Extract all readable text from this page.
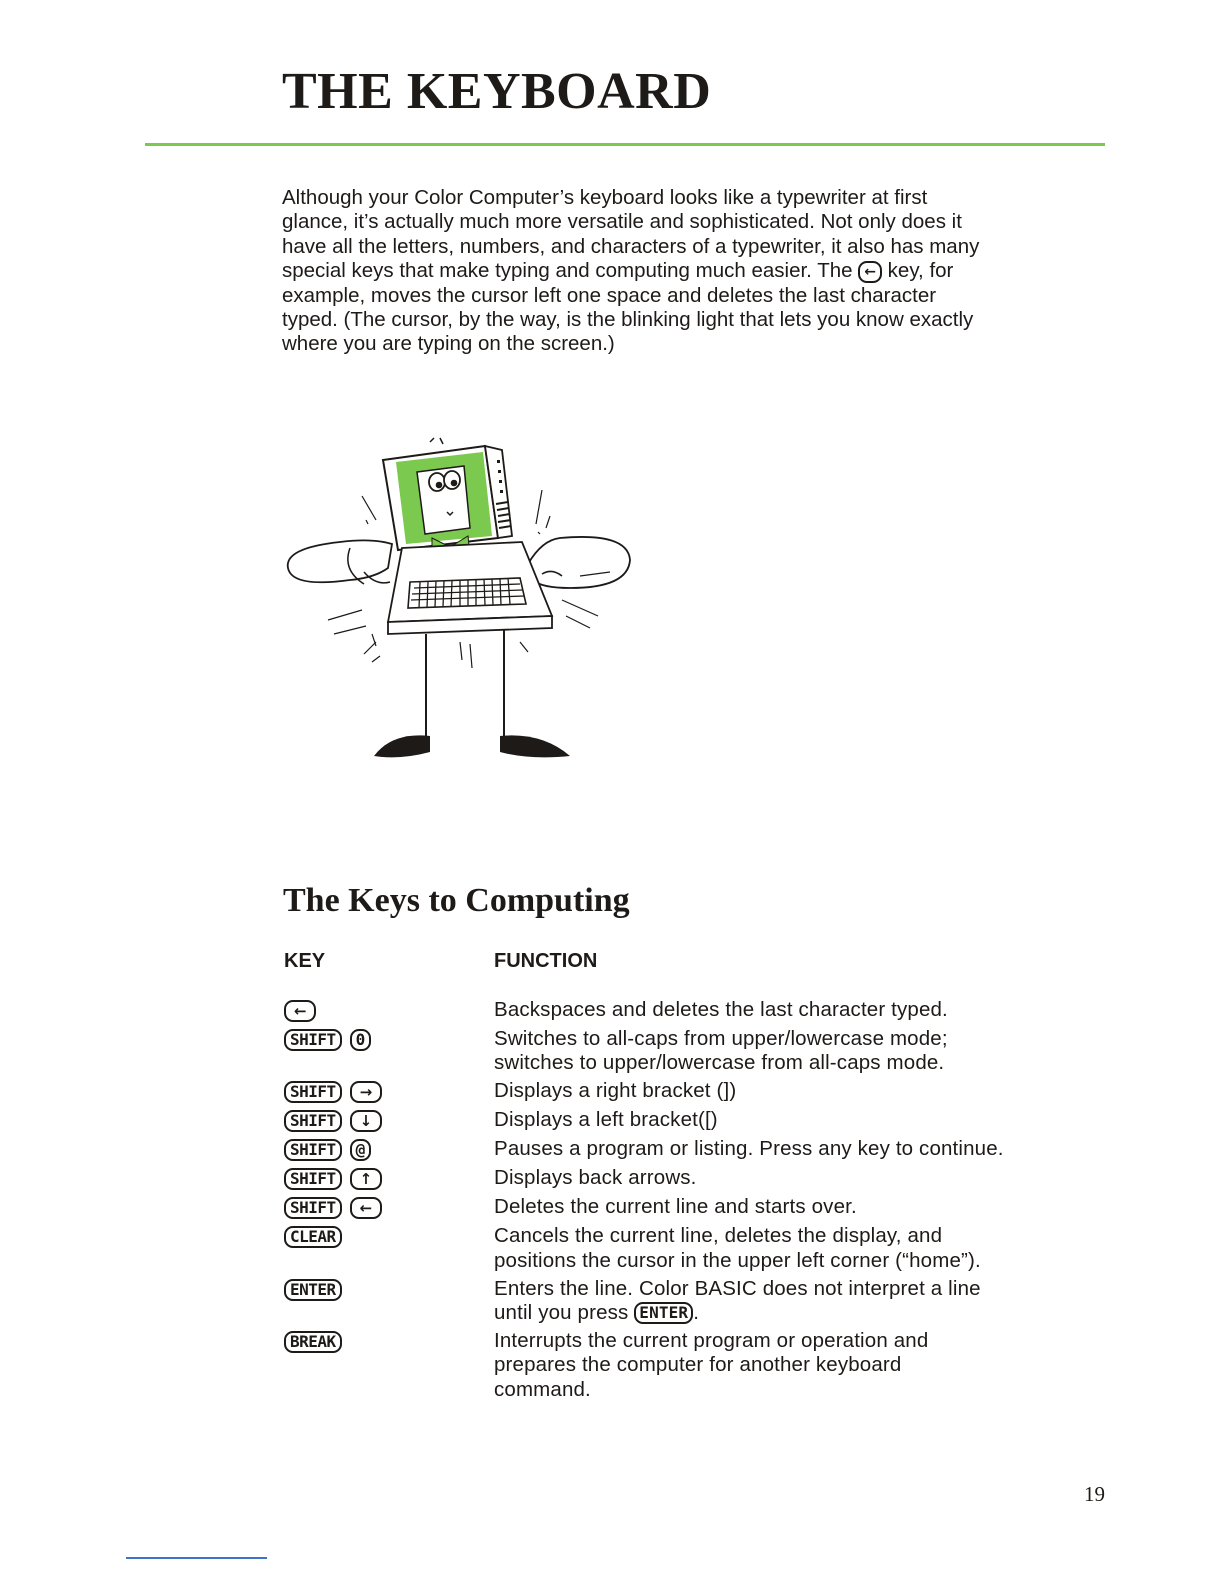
THE KEYBOARD

Although your Color Computer’s keyboard looks like a typewriter at first glance, it’s actually much more versatile and sophisticated. Not only does it have all the letters, numbers, and characters of a typewriter, it also has many special keys that make typing and computing much easier. The ← key, for example, moves the cursor left one space and deletes the last character typed. (The cursor, by the way, is the blinking light that lets you know exactly where you are typing on the screen.)

The Keys to Computing
KEY	FUNCTION
←	Backspaces and deletes the last character typed.
SHIFT	0	Switches to all-caps from upper/lowercase mode; switches to upper/lowercase from all-caps mode.
SHIFT	→	Displays a right bracket (])
SHIFT	↓	Displays a left bracket([)
SHIFT	@	Pauses a program or listing. Press any key to continue.
SHIFT	↑	Displays back arrows.
SHIFT	←	Deletes the current line and starts over.
CLEAR	Cancels the current line, deletes the display, and positions the cursor in the upper left corner (“home”).
ENTER	Enters the line. Color BASIC does not interpret a line until you press ENTER .
BREAK	Interrupts the current program or operation and prepares the computer for another keyboard command.
19
